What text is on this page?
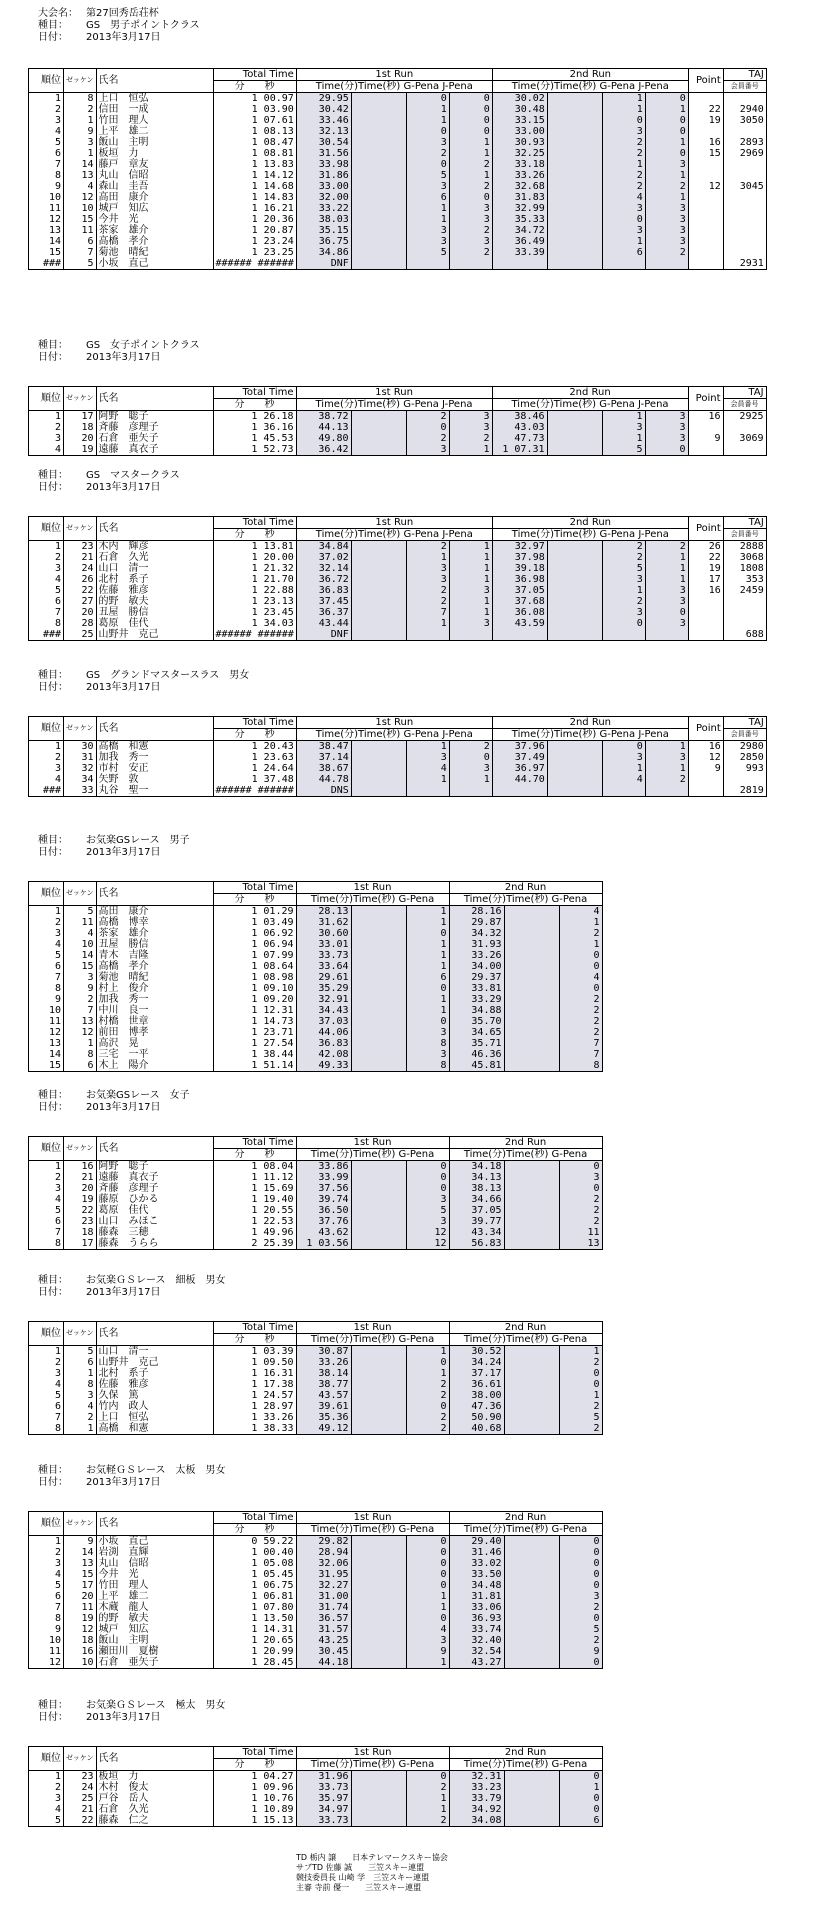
大会名： 第27回秀岳荘杯
種目：	GS　男子ポイントクラス
日付：	2013年3月17日
順位	ゼッケン	氏名	Total Time	1st Run				2nd Run				Point	TAJ
			分　　秒	Time(分)Time(秒) G-Pena J-Pena				Time(分)Time(秒) G-Pena J-Pena					会員番号
1	8	上口　恒弘	1 00.97	29.95		0	0	30.02		1	0		
2	2	信田　一成	1 03.90	30.42		1	0	30.48		1	1	22	2940
3	1	竹田　理人	1 07.61	33.46		1	0	33.15		0	0	19	3050
4	9	上平　雄二	1 08.13	32.13		0	0	33.00		3	0		
5	3	飯山　主明	1 08.47	30.54		3	1	30.93		2	1	16	2893
6	1	板垣　力	1 08.81	31.56		2	1	32.25		2	0	15	2969
7	14	藤戸　章友	1 13.83	33.98		0	2	33.18		1	3		
8	13	丸山　信昭	1 14.12	31.86		5	1	33.26		2	1		
9	4	森山　圭吾	1 14.68	33.00		3	2	32.68		2	2	12	3045
10	12	高田　康介	1 14.83	32.00		6	0	31.83		4	1		
11	10	城戸　知広	1 16.21	33.22		1	3	32.99		3	3		
12	15	今井　光	1 20.36	38.03		1	3	35.33		0	3		
13	11	茶家　雄介	1 20.87	35.15		3	2	34.72		3	3		
14	6	高橋　孝介	1 23.24	36.75		3	3	36.49		1	3		
15	7	菊池　晴紀	1 23.25	34.86		5	2	33.39		6	2		
###	5	小坂　直己	###### ######	DNF									2931
種目：	GS　女子ポイントクラス
日付：	2013年3月17日
順位	ゼッケン	氏名	Total Time	1st Run				2nd Run				Point	TAJ
			分　　秒	Time(分)Time(秒) G-Pena J-Pena				Time(分)Time(秒) G-Pena J-Pena					会員番号
1	17	阿野　聡子	1 26.18	38.72		2	3	38.46		1	3	16	2925
2	18	斉藤　彦理子	1 36.16	44.13		0	3	43.03		3	3		
3	20	石倉　亜矢子	1 45.53	49.80		2	2	47.73		1	3	9	3069
4	19	遠藤　真衣子	1 52.73	36.42		3	1	1 07.31		5	0		
種目：	GS　マスタークラス
日付：	2013年3月17日
順位	ゼッケン	氏名	Total Time	1st Run				2nd Run				Point	TAJ
			分　　秒	Time(分)Time(秒) G-Pena J-Pena				Time(分)Time(秒) G-Pena J-Pena					会員番号
1	23	木内　輝彦	1 13.81	34.84		2	1	32.97		2	2	26	2888
2	21	石倉　久光	1 20.00	37.02		1	1	37.98		2	1	22	3068
3	24	山口　清一	1 21.32	32.14		3	1	39.18		5	1	19	1808
4	26	北村　系子	1 21.70	36.72		3	1	36.98		3	1	17	353
5	22	佐藤　雅彦	1 22.88	36.83		2	3	37.05		1	3	16	2459
6	27	的野　敏夫	1 23.13	37.45		2	1	37.68		2	3		
7	20	丑屋　勝信	1 23.45	36.37		7	1	36.08		3	0		
8	28	葛原　佳代	1 34.03	43.44		1	3	43.59		0	3		
###	25	山野井　克己	###### ######	DNF									688
種目：	GS　グランドマスタースラス　男女
日付：	2013年3月17日
順位	ゼッケン	氏名	Total Time	1st Run				2nd Run				Point	TAJ
			分　　秒	Time(分)Time(秒) G-Pena J-Pena				Time(分)Time(秒) G-Pena J-Pena					会員番号
1	30	高橋　和憲	1 20.43	38.47		1	2	37.96		0	1	16	2980
2	31	加我　秀一	1 23.63	37.14		3	0	37.49		3	3	12	2850
3	32	市村　安正	1 24.64	38.67		4	3	36.97		1	1	9	993
4	34	矢野　敦	1 37.48	44.78		1	1	44.70		4	2		
###	33	丸谷　聖一	###### ######	DNS									2819
種目：	お気楽GSレース　男子
日付：	2013年3月17日
順位	ゼッケン	氏名	Total Time	1st Run			2nd Run		
			分　　秒	Time(分)Time(秒) G-Pena			Time(分)Time(秒) G-Pena		
1	5	高田　康介	1 01.29	28.13		1	28.16		4
2	11	高橋　博幸	1 03.49	31.62		1	29.87		1
3	4	茶家　雄介	1 06.92	30.60		0	34.32		2
4	10	丑屋　勝信	1 06.94	33.01		1	31.93		1
5	14	青木　吉隆	1 07.99	33.73		1	33.26		0
6	15	高橋　孝介	1 08.64	33.64		1	34.00		0
7	3	菊池　晴紀	1 08.98	29.61		6	29.37		4
8	9	村上　俊介	1 09.10	35.29		0	33.81		0
9	2	加我　秀一	1 09.20	32.91		1	33.29		2
10	7	中川　良一	1 12.31	34.43		1	34.88		2
11	13	村橋　世章	1 14.73	37.03		0	35.70		2
12	12	前田　博孝	1 23.71	44.06		3	34.65		2
13	1	高沢　晃	1 27.54	36.83		8	35.71		7
14	8	三宅　一平	1 38.44	42.08		3	46.36		7
15	6	木上　陽介	1 51.14	49.33		8	45.81		8
種目：	お気楽GSレース　女子
日付：	2013年3月17日
順位	ゼッケン	氏名	Total Time	1st Run			2nd Run		
			分　　秒	Time(分)Time(秒) G-Pena			Time(分)Time(秒) G-Pena		
1	16	阿野　聡子	1 08.04	33.86		0	34.18		0
2	21	遠藤　真衣子	1 11.12	33.99		0	34.13		3
3	20	斉藤　彦理子	1 15.69	37.56		0	38.13		0
4	19	藤原　ひかる	1 19.40	39.74		3	34.66		2
5	22	葛原　佳代	1 20.55	36.50		5	37.05		2
6	23	山口　みほこ	1 22.53	37.76		3	39.77		2
7	18	藤森　三穂	1 49.96	43.62		12	43.34		11
8	17	藤森　うらら	2 25.39	1 03.56		12	56.83		13
種目：	お気楽ＧＳレース　細板　男女
日付：	2013年3月17日
順位	ゼッケン	氏名	Total Time	1st Run			2nd Run		
			分　　秒	Time(分)Time(秒) G-Pena			Time(分)Time(秒) G-Pena		
1	5	山口　清一	1 03.39	30.87		1	30.52		1
2	6	山野井　克己	1 09.50	33.26		0	34.24		2
3	1	北村　系子	1 16.31	38.14		1	37.17		0
4	8	佐藤　雅彦	1 17.38	38.77		2	36.61		0
5	3	久保　篤	1 24.57	43.57		2	38.00		1
6	4	竹内　政人	1 28.97	39.61		0	47.36		2
7	2	上口　恒弘	1 33.26	35.36		2	50.90		5
8	1	高橋　和憲	1 38.33	49.12		2	40.68		2
種目：	お気軽ＧＳレース　太板　男女
日付：	2013年3月17日
順位	ゼッケン	氏名	Total Time	1st Run			2nd Run		
			分　　秒	Time(分)Time(秒) G-Pena			Time(分)Time(秒) G-Pena		
1	9	小坂　直己	0 59.22	29.82		0	29.40		0
2	14	岩渕　直輝	1 00.40	28.94		0	31.46		0
3	13	丸山　信昭	1 05.08	32.06		0	33.02		0
4	15	今井　光	1 05.45	31.95		0	33.50		0
5	17	竹田　理人	1 06.75	32.27		0	34.48		0
6	20	上平　雄二	1 06.81	31.00		1	31.81		3
7	11	木蔵　龍人	1 07.80	31.74		1	33.06		2
8	19	的野　敏夫	1 13.50	36.57		0	36.93		0
9	12	城戸　知広	1 14.31	31.57		4	33.74		5
10	18	飯山　主明	1 20.65	43.25		3	32.40		2
11	16	瀬田川　夏樹	1 20.99	30.45		9	32.54		9
12	10	石倉　亜矢子	1 28.45	44.18		1	43.27		0
種目：	お気楽ＧＳレース　極太　男女
日付：	2013年3月17日
順位	ゼッケン	氏名	Total Time	1st Run			2nd Run		
			分　　秒	Time(分)Time(秒) G-Pena			Time(分)Time(秒) G-Pena		
1	23	板垣　力	1 04.27	31.96		0	32.31		0
2	24	木村　俊太	1 09.96	33.73		2	33.23		1
3	25	戸谷　岳人	1 10.76	35.97		1	33.79		0
4	21	石倉　久光	1 10.89	34.97		1	34.92		0
5	22	藤森　仁之	1 15.13	33.73		2	34.08		6
TD 栃内 譲　　日本テレマークスキー協会
サブTD 佐藤 誠　　三笠スキー連盟
競技委員長 山崎 学　三笠スキー連盟
主審 寺前 優一　　三笠スキー連盟
